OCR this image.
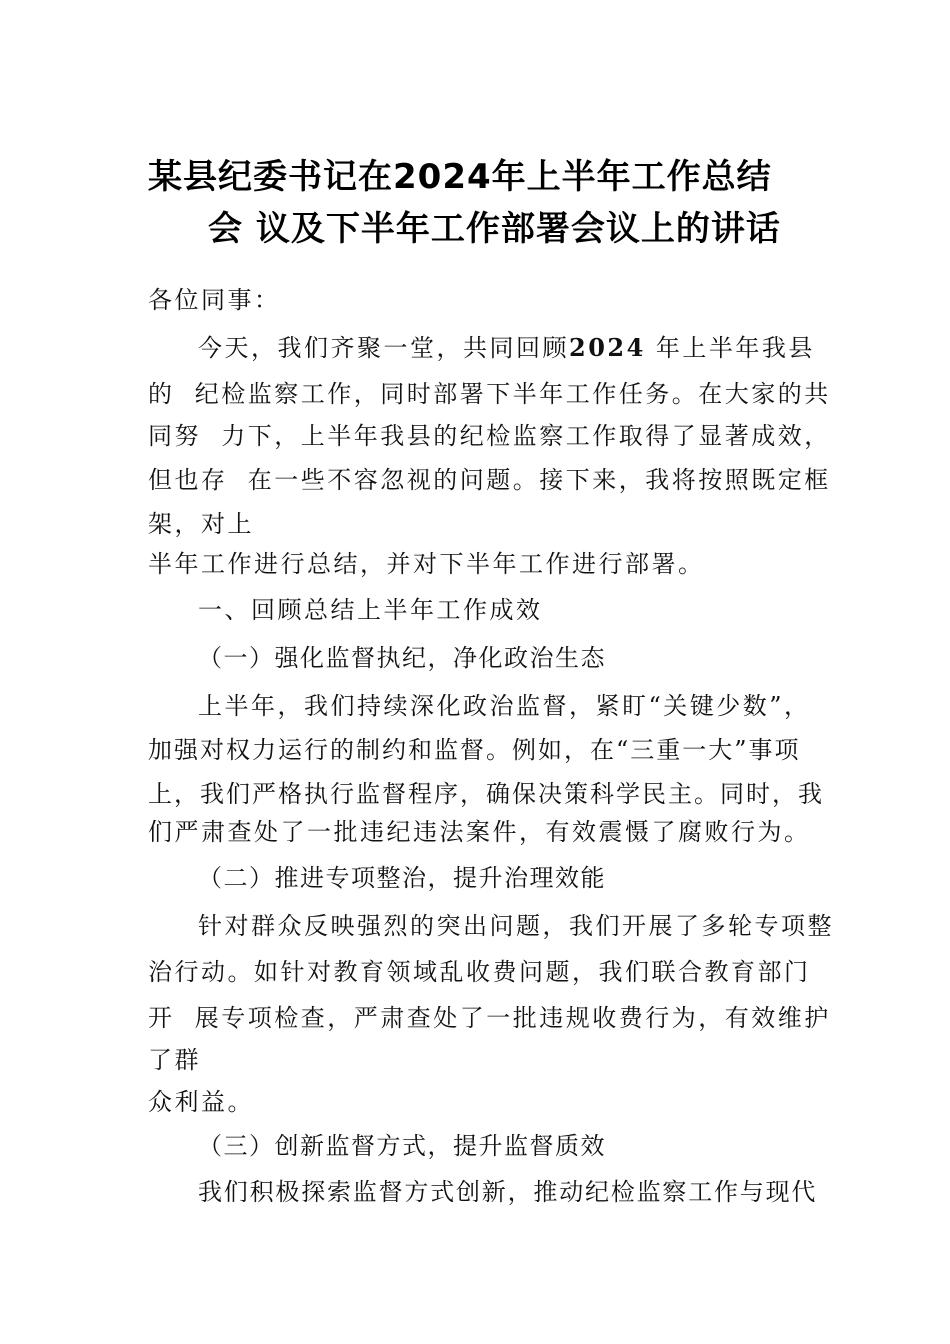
某县纪委书记在2024年上半年工作总结
会 议及下半年工作部署会议上的讲话
各位同事：
今天，我们齐聚一堂，共同回顾2024 年上半年我县
的  纪检监察工作，同时部署下半年工作任务。在大家的共
同努  力下，上半年我县的纪检监察工作取得了显著成效，
但也存  在一些不容忽视的问题。接下来，我将按照既定框
架，对上
半年工作进行总结，并对下半年工作进行部署。
一、回顾总结上半年工作成效
（一）强化监督执纪，净化政治生态
上半年，我们持续深化政治监督，紧盯“关键少数”，
加强对权力运行的制约和监督。例如，在“三重一大”事项
上，我们严格执行监督程序，确保决策科学民主。同时，我
们严肃查处了一批违纪违法案件，有效震慑了腐败行为。
（二）推进专项整治，提升治理效能
针对群众反映强烈的突出问题，我们开展了多轮专项整
治行动。如针对教育领域乱收费问题，我们联合教育部门
开  展专项检查，严肃查处了一批违规收费行为，有效维护
了群
众利益。
（三）创新监督方式，提升监督质效
我们积极探索监督方式创新，推动纪检监察工作与现代
